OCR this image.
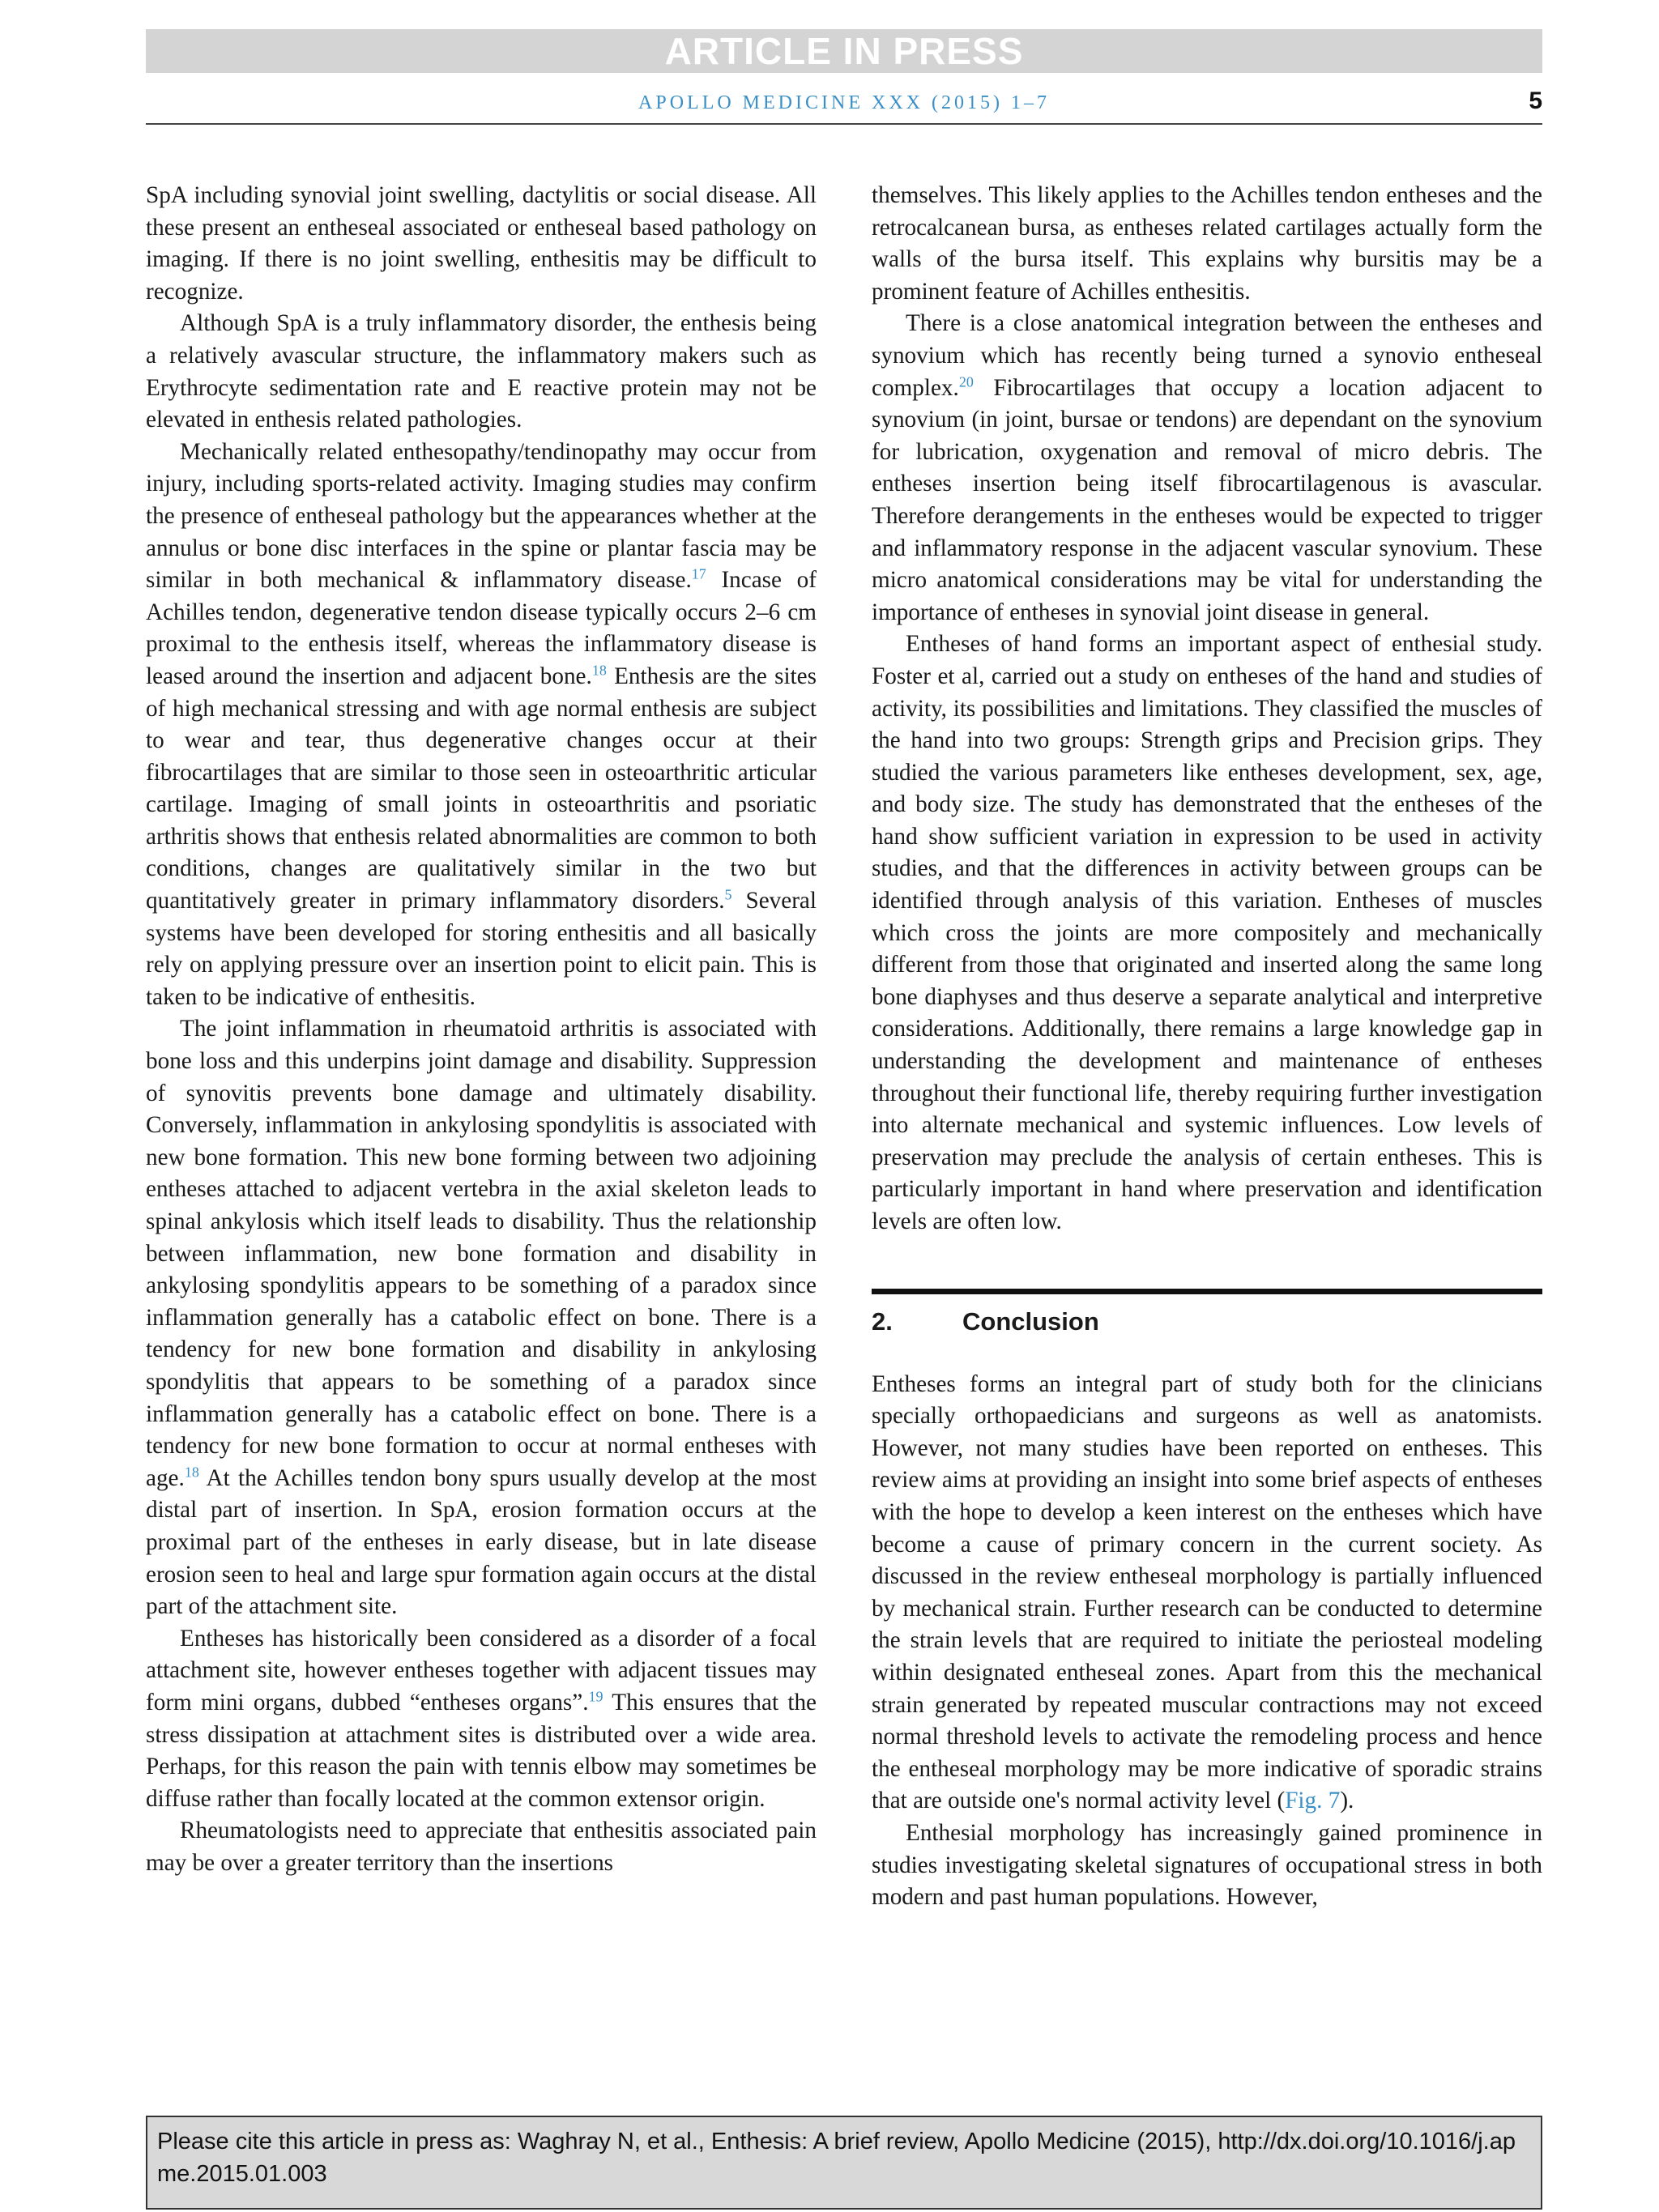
ARTICLE IN PRESS
APOLLO MEDICINE XXX (2015) 1–7	5

SpA including synovial joint swelling, dactylitis or social disease. All these present an entheseal associated or entheseal based pathology on imaging. If there is no joint swelling, enthesitis may be difficult to recognize.

Although SpA is a truly inflammatory disorder, the enthesis being a relatively avascular structure, the inflammatory makers such as Erythrocyte sedimentation rate and E reactive protein may not be elevated in enthesis related pathologies.

Mechanically related enthesopathy/tendinopathy may occur from injury, including sports-related activity. Imaging studies may confirm the presence of entheseal pathology but the appearances whether at the annulus or bone disc interfaces in the spine or plantar fascia may be similar in both mechanical & inflammatory disease.$^{17}$ Incase of Achilles tendon, degenerative tendon disease typically occurs 2–6 cm proximal to the enthesis itself, whereas the inflammatory disease is leased around the insertion and adjacent bone.$^{18}$ Enthesis are the sites of high mechanical stressing and with age normal enthesis are subject to wear and tear, thus degenerative changes occur at their fibrocartilages that are similar to those seen in osteoarthritic articular cartilage. Imaging of small joints in osteoarthritis and psoriatic arthritis shows that enthesis related abnormalities are common to both conditions, changes are qualitatively similar in the two but quantitatively greater in primary inflammatory disorders.$^5$ Several systems have been developed for storing enthesitis and all basically rely on applying pressure over an insertion point to elicit pain. This is taken to be indicative of enthesitis.

The joint inflammation in rheumatoid arthritis is associated with bone loss and this underpins joint damage and disability. Suppression of synovitis prevents bone damage and ultimately disability. Conversely, inflammation in ankylosing spondylitis is associated with new bone formation. This new bone forming between two adjoining entheses attached to adjacent vertebra in the axial skeleton leads to spinal ankylosis which itself leads to disability. Thus the relationship between inflammation, new bone formation and disability in ankylosing spondylitis appears to be something of a paradox since inflammation generally has a catabolic effect on bone. There is a tendency for new bone formation and disability in ankylosing spondylitis that appears to be something of a paradox since inflammation generally has a catabolic effect on bone. There is a tendency for new bone formation to occur at normal entheses with age.$^{18}$ At the Achilles tendon bony spurs usually develop at the most distal part of insertion. In SpA, erosion formation occurs at the proximal part of the entheses in early disease, but in late disease erosion seen to heal and large spur formation again occurs at the distal part of the attachment site.

Entheses has historically been considered as a disorder of a focal attachment site, however entheses together with adjacent tissues may form mini organs, dubbed “entheses organs”.$^{19}$ This ensures that the stress dissipation at attachment sites is distributed over a wide area. Perhaps, for this reason the pain with tennis elbow may sometimes be diffuse rather than focally located at the common extensor origin.

Rheumatologists need to appreciate that enthesitis associated pain may be over a greater territory than the insertions

themselves. This likely applies to the Achilles tendon entheses and the retrocalcanean bursa, as entheses related cartilages actually form the walls of the bursa itself. This explains why bursitis may be a prominent feature of Achilles enthesitis.

There is a close anatomical integration between the entheses and synovium which has recently being turned a synovio entheseal complex.$^{20}$ Fibrocartilages that occupy a location adjacent to synovium (in joint, bursae or tendons) are dependant on the synovium for lubrication, oxygenation and removal of micro debris. The entheses insertion being itself fibrocartilagenous is avascular. Therefore derangements in the entheses would be expected to trigger and inflammatory response in the adjacent vascular synovium. These micro anatomical considerations may be vital for understanding the importance of entheses in synovial joint disease in general.

Entheses of hand forms an important aspect of enthesial study. Foster et al, carried out a study on entheses of the hand and studies of activity, its possibilities and limitations. They classified the muscles of the hand into two groups: Strength grips and Precision grips. They studied the various parameters like entheses development, sex, age, and body size. The study has demonstrated that the entheses of the hand show sufficient variation in expression to be used in activity studies, and that the differences in activity between groups can be identified through analysis of this variation. Entheses of muscles which cross the joints are more compositely and mechanically different from those that originated and inserted along the same long bone diaphyses and thus deserve a separate analytical and interpretive considerations. Additionally, there remains a large knowledge gap in understanding the development and maintenance of entheses throughout their functional life, thereby requiring further investigation into alternate mechanical and systemic influences. Low levels of preservation may preclude the analysis of certain entheses. This is particularly important in hand where preservation and identification levels are often low.

2.	Conclusion

Entheses forms an integral part of study both for the clinicians specially orthopaedicians and surgeons as well as anatomists. However, not many studies have been reported on entheses. This review aims at providing an insight into some brief aspects of entheses with the hope to develop a keen interest on the entheses which have become a cause of primary concern in the current society. As discussed in the review entheseal morphology is partially influenced by mechanical strain. Further research can be conducted to determine the strain levels that are required to initiate the periosteal modeling within designated entheseal zones. Apart from this the mechanical strain generated by repeated muscular contractions may not exceed normal threshold levels to activate the remodeling process and hence the entheseal morphology may be more indicative of sporadic strains that are outside one's normal activity level (Fig. 7).

Enthesial morphology has increasingly gained prominence in studies investigating skeletal signatures of occupational stress in both modern and past human populations. However,

Please cite this article in press as: Waghray N, et al., Enthesis: A brief review, Apollo Medicine (2015), http://dx.doi.org/10.1016/j.apme.2015.01.003
